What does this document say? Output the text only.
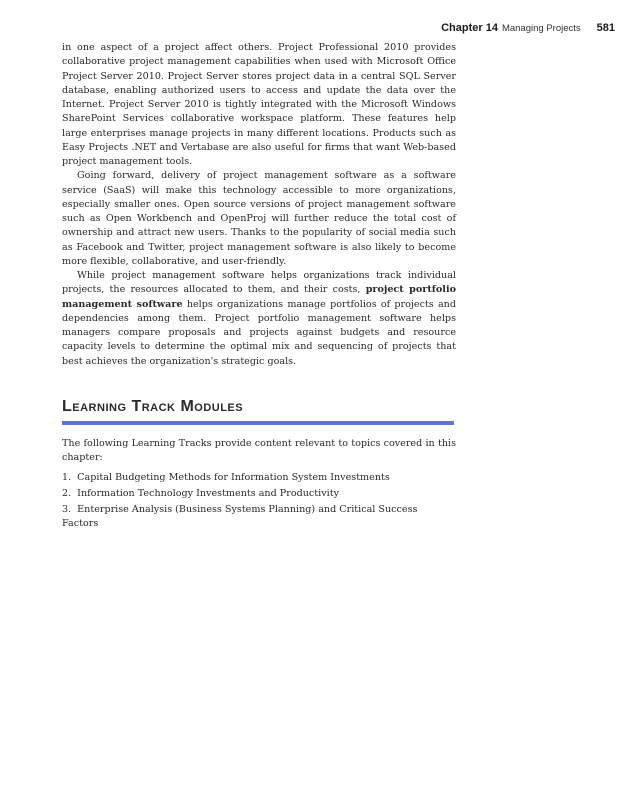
Chapter 14 Managing Projects 581

in one aspect of a project affect others. Project Professional 2010 provides collaborative project management capabilities when used with Microsoft Office Project Server 2010. Project Server stores project data in a central SQL Server database, enabling authorized users to access and update the data over the Internet. Project Server 2010 is tightly integrated with the Microsoft Windows SharePoint Services collaborative workspace platform. These features help large enterprises manage projects in many different locations. Products such as Easy Projects .NET and Vertabase are also useful for firms that want Web-based project management tools.

Going forward, delivery of project management software as a software service (SaaS) will make this technology accessible to more organizations, especially smaller ones. Open source versions of project management software such as Open Workbench and OpenProj will further reduce the total cost of ownership and attract new users. Thanks to the popularity of social media such as Facebook and Twitter, project management software is also likely to become more flexible, collaborative, and user-friendly.

While project management software helps organizations track individual projects, the resources allocated to them, and their costs, project portfolio management software helps organizations manage portfolios of projects and dependencies among them. Project portfolio management software helps managers compare proposals and projects against budgets and resource capacity levels to determine the optimal mix and sequencing of projects that best achieves the organization's strategic goals.

Learning Track Modules

The following Learning Tracks provide content relevant to topics covered in this chapter:

1. Capital Budgeting Methods for Information System Investments
2. Information Technology Investments and Productivity
3. Enterprise Analysis (Business Systems Planning) and Critical Success Factors
